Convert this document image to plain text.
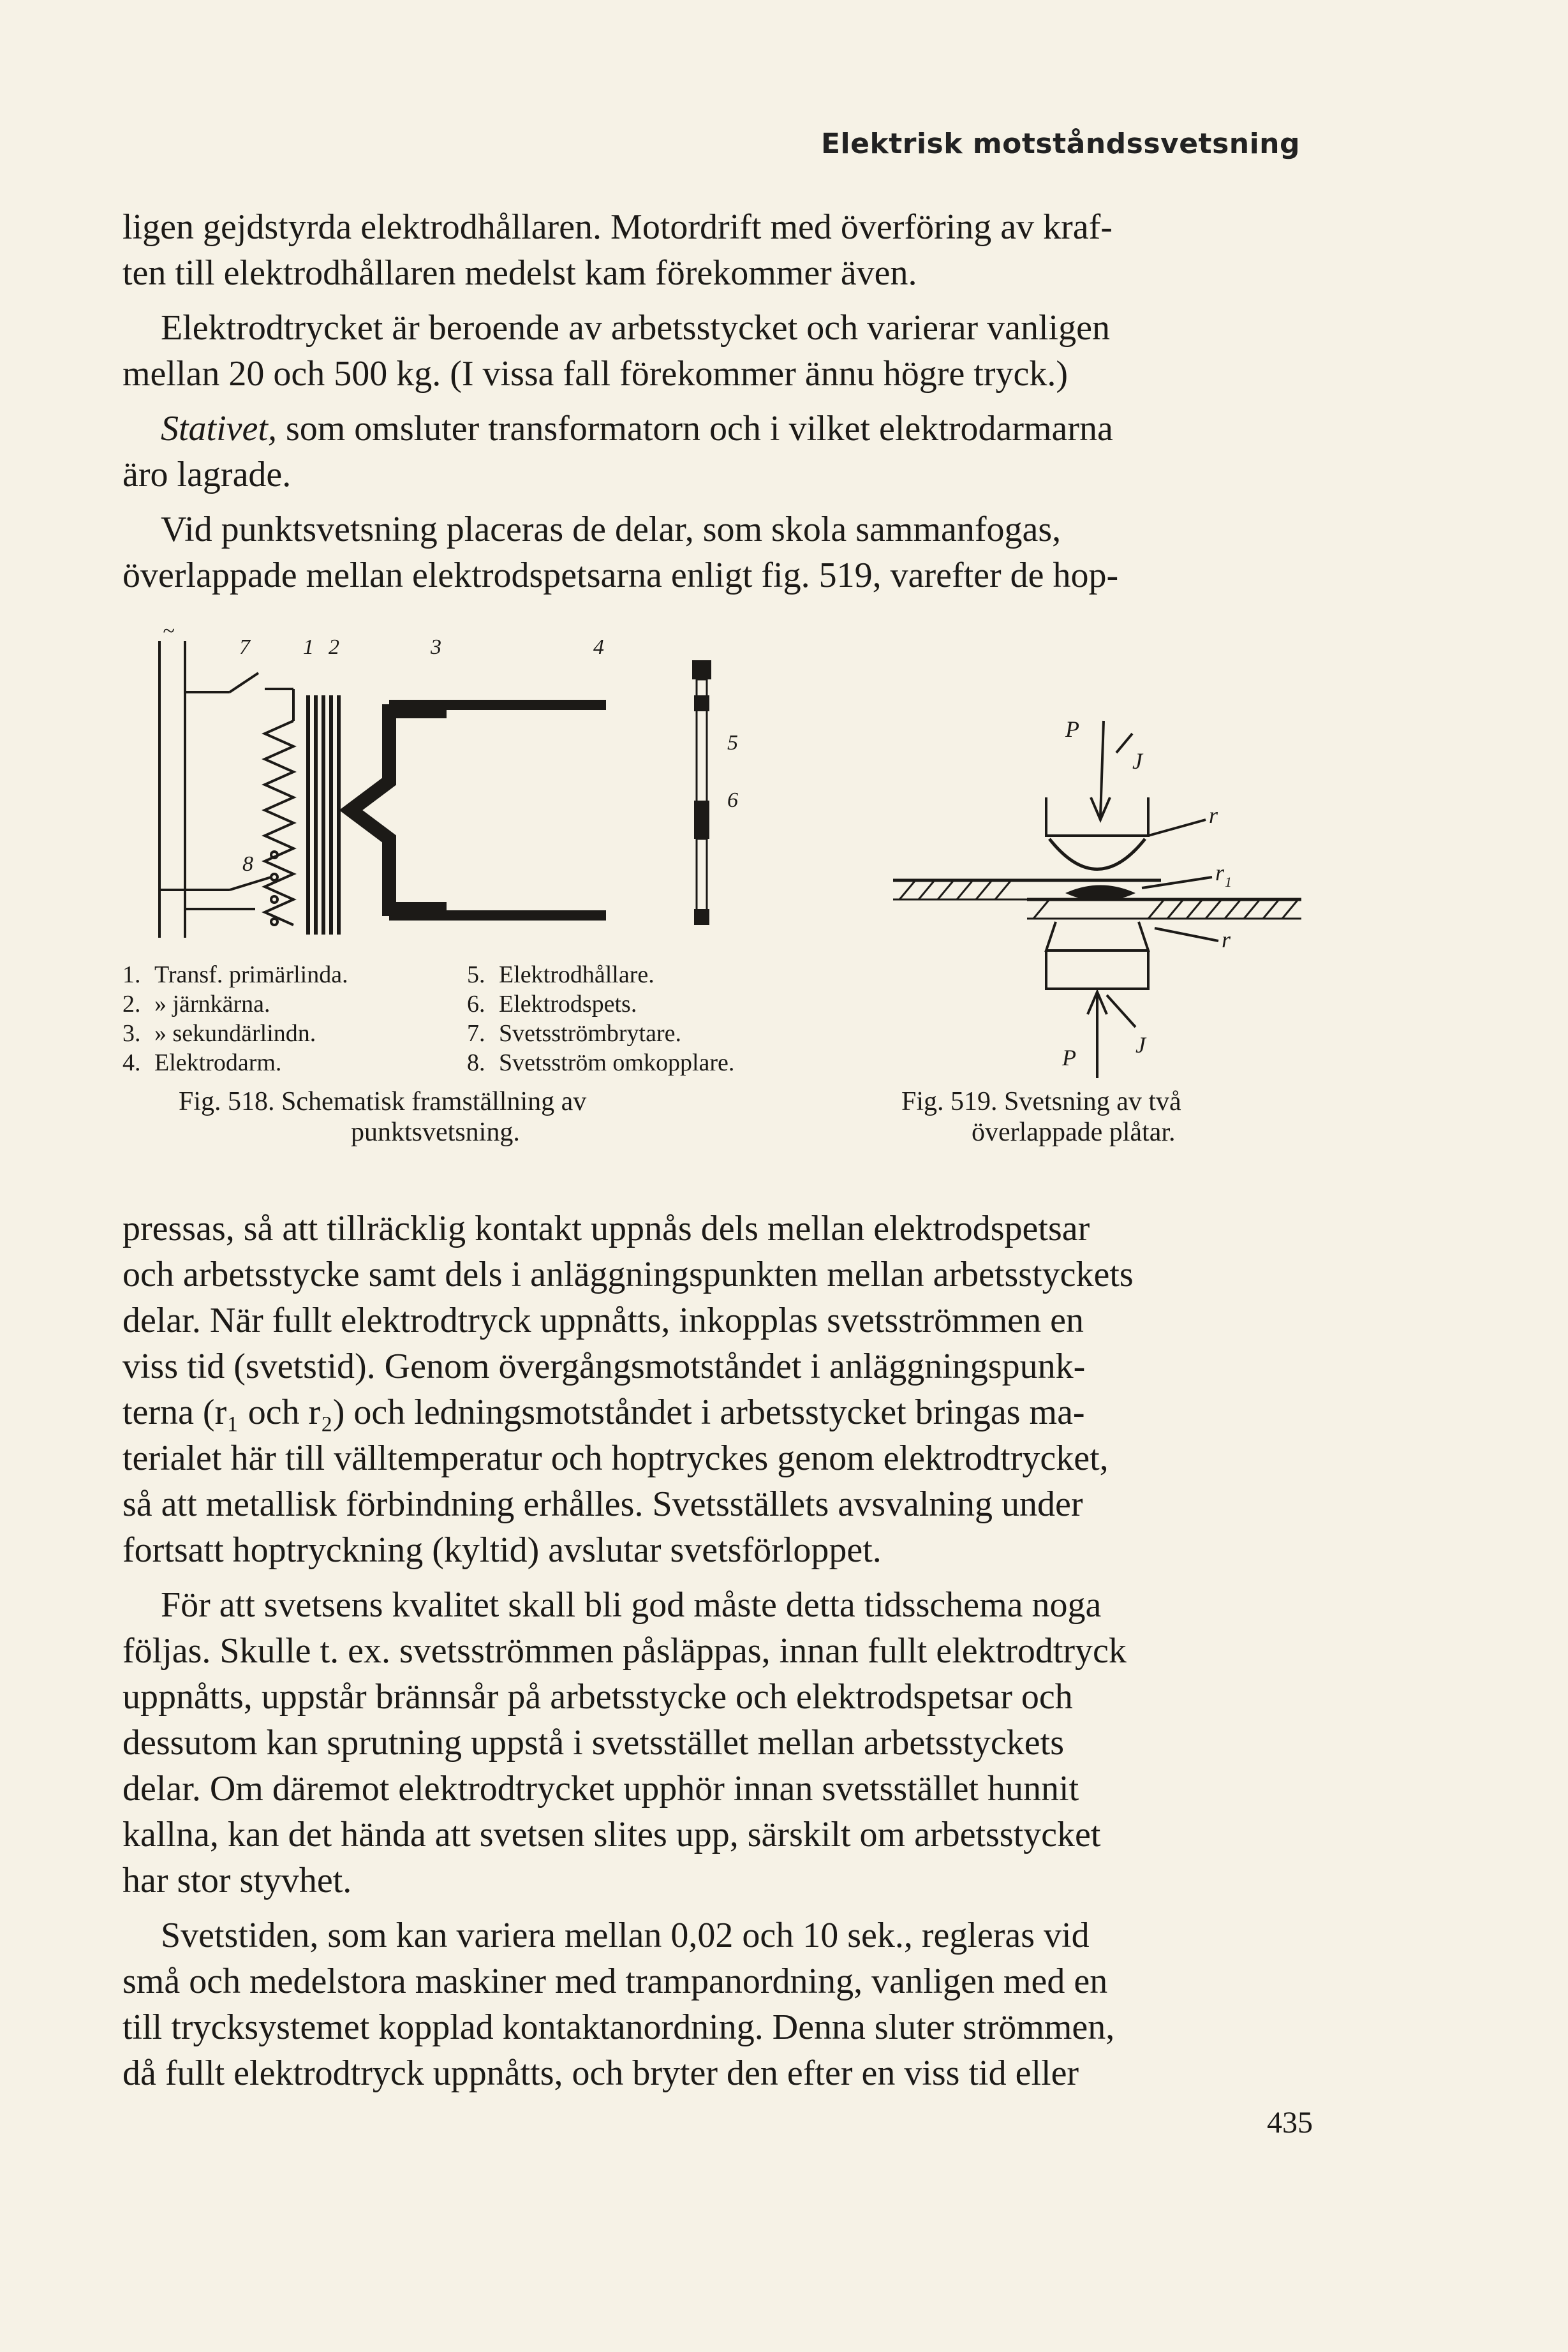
Elektrisk motståndssvetsning

ligen gejdstyrda elektrodhållaren. Motordrift med överföring av kraf-

ten till elektrodhållaren medelst kam förekommer även.

Elektrodtrycket är beroende av arbetsstycket och varierar vanligen

mellan 20 och 500 kg. (I vissa fall förekommer ännu högre tryck.)

Stativet, som omsluter transformatorn och i vilket elektrodarmarna

äro lagrade.

Vid punktsvetsning placeras de delar, som skola sammanfogas,

överlappade mellan elektrodspetsarna enligt fig. 519, varefter de hop-

~
7 1 2	3	4
5
6
8
1. Transf. primärlinda.	5. Elektrodhållare.
2. » järnkärna.	6. Elektrodspets.
3. » sekundärlindn.	7. Svetsströmbrytare.
4. Elektrodarm.	8. Svetsström omkopplare.
Fig. 518. Schematisk framställning av
punktsvetsning.
P
J
r
r 1
r
P	J
Fig. 519. Svetsning av två
överlappade plåtar.

pressas, så att tillräcklig kontakt uppnås dels mellan elektrodspetsar

och arbetsstycke samt dels i anläggningspunkten mellan arbetsstyckets

delar. När fullt elektrodtryck uppnåtts, inkopplas svetsströmmen en

viss tid (svetstid). Genom övergångsmotståndet i anläggningspunk-

terna (r₁ och r₂) och ledningsmotståndet i arbetsstycket bringas ma-

terialet här till välltemperatur och hoptryckes genom elektrodtrycket,

så att metallisk förbindning erhålles. Svetsställets avsvalning under

fortsatt hoptryckning (kyltid) avslutar svetsförloppet.

För att svetsens kvalitet skall bli god måste detta tidsschema noga

följas. Skulle t. ex. svetsströmmen påsläppas, innan fullt elektrodtryck

uppnåtts, uppstår brännsår på arbetsstycke och elektrodspetsar och

dessutom kan sprutning uppstå i svetsstället mellan arbetsstyckets

delar. Om däremot elektrodtrycket upphör innan svetsstället hunnit

kallna, kan det hända att svetsen slites upp, särskilt om arbetsstycket

har stor styvhet.

Svetstiden, som kan variera mellan 0,02 och 10 sek., regleras vid

små och medelstora maskiner med trampanordning, vanligen med en

till trycksystemet kopplad kontaktanordning. Denna sluter strömmen,

då fullt elektrodtryck uppnåtts, och bryter den efter en viss tid eller

435
